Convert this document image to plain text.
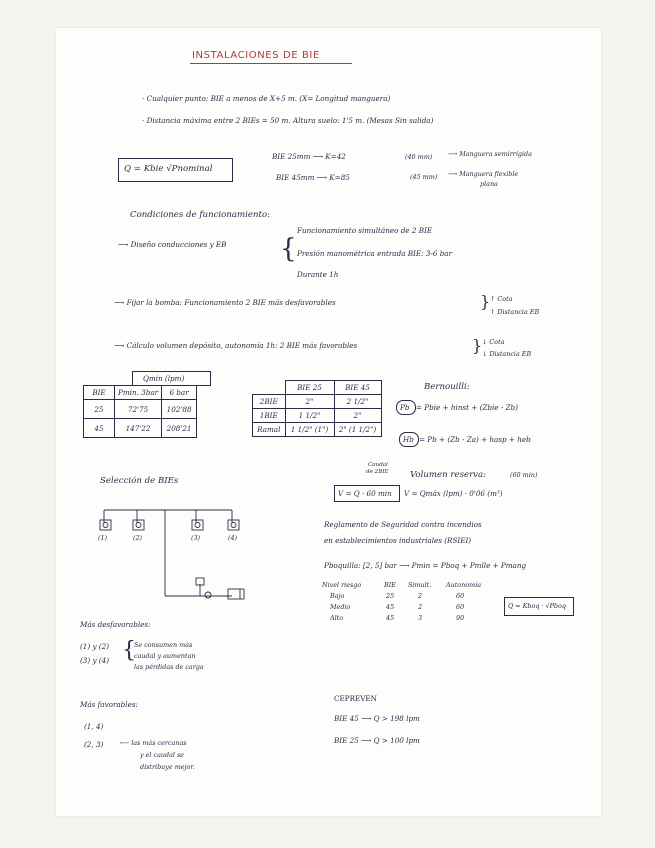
INSTALACIONES DE BIE
· Cualquier punto: BIE a menos de X+5 m. (X= Longitud manguera)
· Distancia máxima entre 2 BIEs = 50 m. Altura suelo: 1'5 m. (Mesas Sin salida)
Q = Kbie √Pnominal
BIE 25mm ⟶ K=42	(40 mm) ⟶ Manguera semirrígida
BIE 45mm ⟶ K=85	(45 mm) ⟶ Manguera flexible
plana
Condiciones de funcionamiento:
⟶ Diseño conducciones y EB {
Funcionamiento simultáneo de 2 BIE
Presión manométrica entrada BIE: 3-6 bar
Durante 1h
⟶ Fijar la bomba: Funcionamiento 2 BIE más desfavorables	} ↑ Cota
↑ Distancia EB
⟶ Cálculo volumen depósito, autonomía 1h: 2 BIE más favorables	} ↓ Cota
↓ Distancia EB
Qmin (lpm)
BIE	Pmin. 3bar	6 bar
25	72'75	102'88
45	147'22	208'21
	BIE 25	BIE 45
2BIE	2"	2 1/2"
1BIE	1 1/2"	2"
Ramal	1 1/2" (1")	2" (1 1/2")
Bernouilli:
Pb = Pbie + hinst + (Zbie - Zb)
Hb = Pb + (Zb - Za) + hasp + heb
Selección de BIEs
(1)	(2)	(3)	(4)
Caudal
de 2BIE Volumen reserva:	(60 min)
V = Q · 60 min V = Qmáx (lpm) · 0'06 (m³)
Reglamento de Seguridad contra incendios
en establecimientos industriales (RSIEI)
Pboquilla: [2, 5] bar ⟶ Pmin = Pboq + Pmlle + Pmang
Nivel riesgo	BIE Simult. Autonomía
Bajo	25	2	60
Medio	45	2	60
Alto	45	3	90
Q = Kboq · √Pboq
Más desfavorables:
(1) y (2)
(3) y (4) {
Se consumen más
caudal y aumentan
las pérdidas de carga
Más favorables:
(1, 4)
(2, 3)	⟵ las más cercanas
y el caudal se
distribuye mejor.
CEPREVEN
BIE 45 ⟶ Q > 198 lpm
BIE 25 ⟶ Q > 100 lpm
